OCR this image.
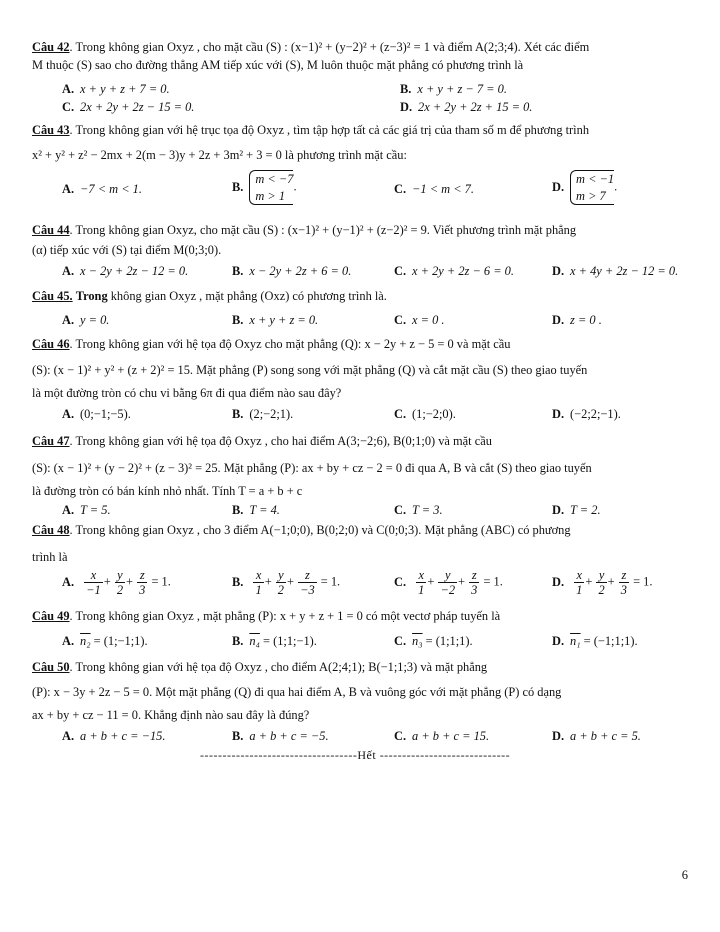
Câu 42. Trong không gian Oxyz , cho mặt cầu (S) : (x−1)² + (y−2)² + (z−3)² = 1 và điểm A(2;3;4). Xét các điểm
M thuộc (S) sao cho đường thẳng AM tiếp xúc với (S), M luôn thuộc mặt phẳng có phương trình là
A. x + y + z + 7 = 0.	B. x + y + z − 7 = 0.
C. 2x + 2y + 2z − 15 = 0.	D. 2x + 2y + 2z + 15 = 0.
Câu 43. Trong không gian với hệ trục tọa độ Oxyz , tìm tập hợp tất cả các giá trị của tham số m để phương trình
x² + y² + z² − 2mx + 2(m − 3)y + 2z + 3m² + 3 = 0 là phương trình mặt cầu:
A. −7 < m < 1.	B.
m < −7
m > 1
.	C. −1 < m < 7.	D.
m < −1
m > 7
.
Câu 44. Trong không gian Oxyz, cho mặt cầu (S) : (x−1)² + (y−1)² + (z−2)² = 9. Viết phương trình mặt phẳng
(α) tiếp xúc với (S) tại điểm M(0;3;0).
A. x − 2y + 2z − 12 = 0.	B. x − 2y + 2z + 6 = 0.	C. x + 2y + 2z − 6 = 0.	D. x + 4y + 2z − 12 = 0.
Câu 45. Trong không gian Oxyz , mặt phẳng (Oxz) có phương trình là.
A. y = 0.	B. x + y + z = 0.	C. x = 0 .	D. z = 0 .
Câu 46. Trong không gian với hệ tọa độ Oxyz cho mặt phẳng (Q): x − 2y + z − 5 = 0 và mặt cầu
(S): (x − 1)² + y² + (z + 2)² = 15. Mặt phẳng (P) song song với mặt phẳng (Q) và cắt mặt cầu (S) theo giao tuyến
là một đường tròn có chu vi bằng 6π đi qua điểm nào sau đây?
A. (0;−1;−5).	B. (2;−2;1).	C. (1;−2;0).	D. (−2;2;−1).
Câu 47. Trong không gian với hệ tọa độ Oxyz , cho hai điểm A(3;−2;6), B(0;1;0) và mặt cầu
(S): (x − 1)² + (y − 2)² + (z − 3)² = 25. Mặt phẳng (P): ax + by + cz − 2 = 0 đi qua A, B và cắt (S) theo giao tuyến
là đường tròn có bán kính nhỏ nhất. Tính T = a + b + c
A. T = 5.	B. T = 4.	C. T = 3.	D. T = 2.
Câu 48. Trong không gian Oxyz , cho 3 điểm A(−1;0;0), B(0;2;0) và C(0;0;3). Mặt phẳng (ABC) có phương
trình là
A. $\frac{x}{-1} + \frac{y}{2} + \frac{z}{3} = 1$.	B. $\frac{x}{1} + \frac{y}{2} + \frac{z}{-3} = 1$.	C. $\frac{x}{1} + \frac{y}{-2} + \frac{z}{3} = 1$.	D. $\frac{x}{1} + \frac{y}{2} + \frac{z}{3} = 1$.
Câu 49. Trong không gian Oxyz , mặt phẳng (P): x + y + z + 1 = 0 có một vectơ pháp tuyến là
A. n₂ = (1;−1;1).	B. n₄ = (1;1;−1).	C. n₃ = (1;1;1).	D. n₁ = (−1;1;1).
Câu 50. Trong không gian với hệ tọa độ Oxyz , cho điểm A(2;4;1); B(−1;1;3) và mặt phẳng
(P): x − 3y + 2z − 5 = 0. Một mặt phẳng (Q) đi qua hai điểm A, B và vuông góc với mặt phẳng (P) có dạng
ax + by + cz − 11 = 0. Khẳng định nào sau đây là đúng?
A. a + b + c = −15.	B. a + b + c = −5.	C. a + b + c = 15.	D. a + b + c = 5.
-----------------------------------Hết -----------------------------
6
